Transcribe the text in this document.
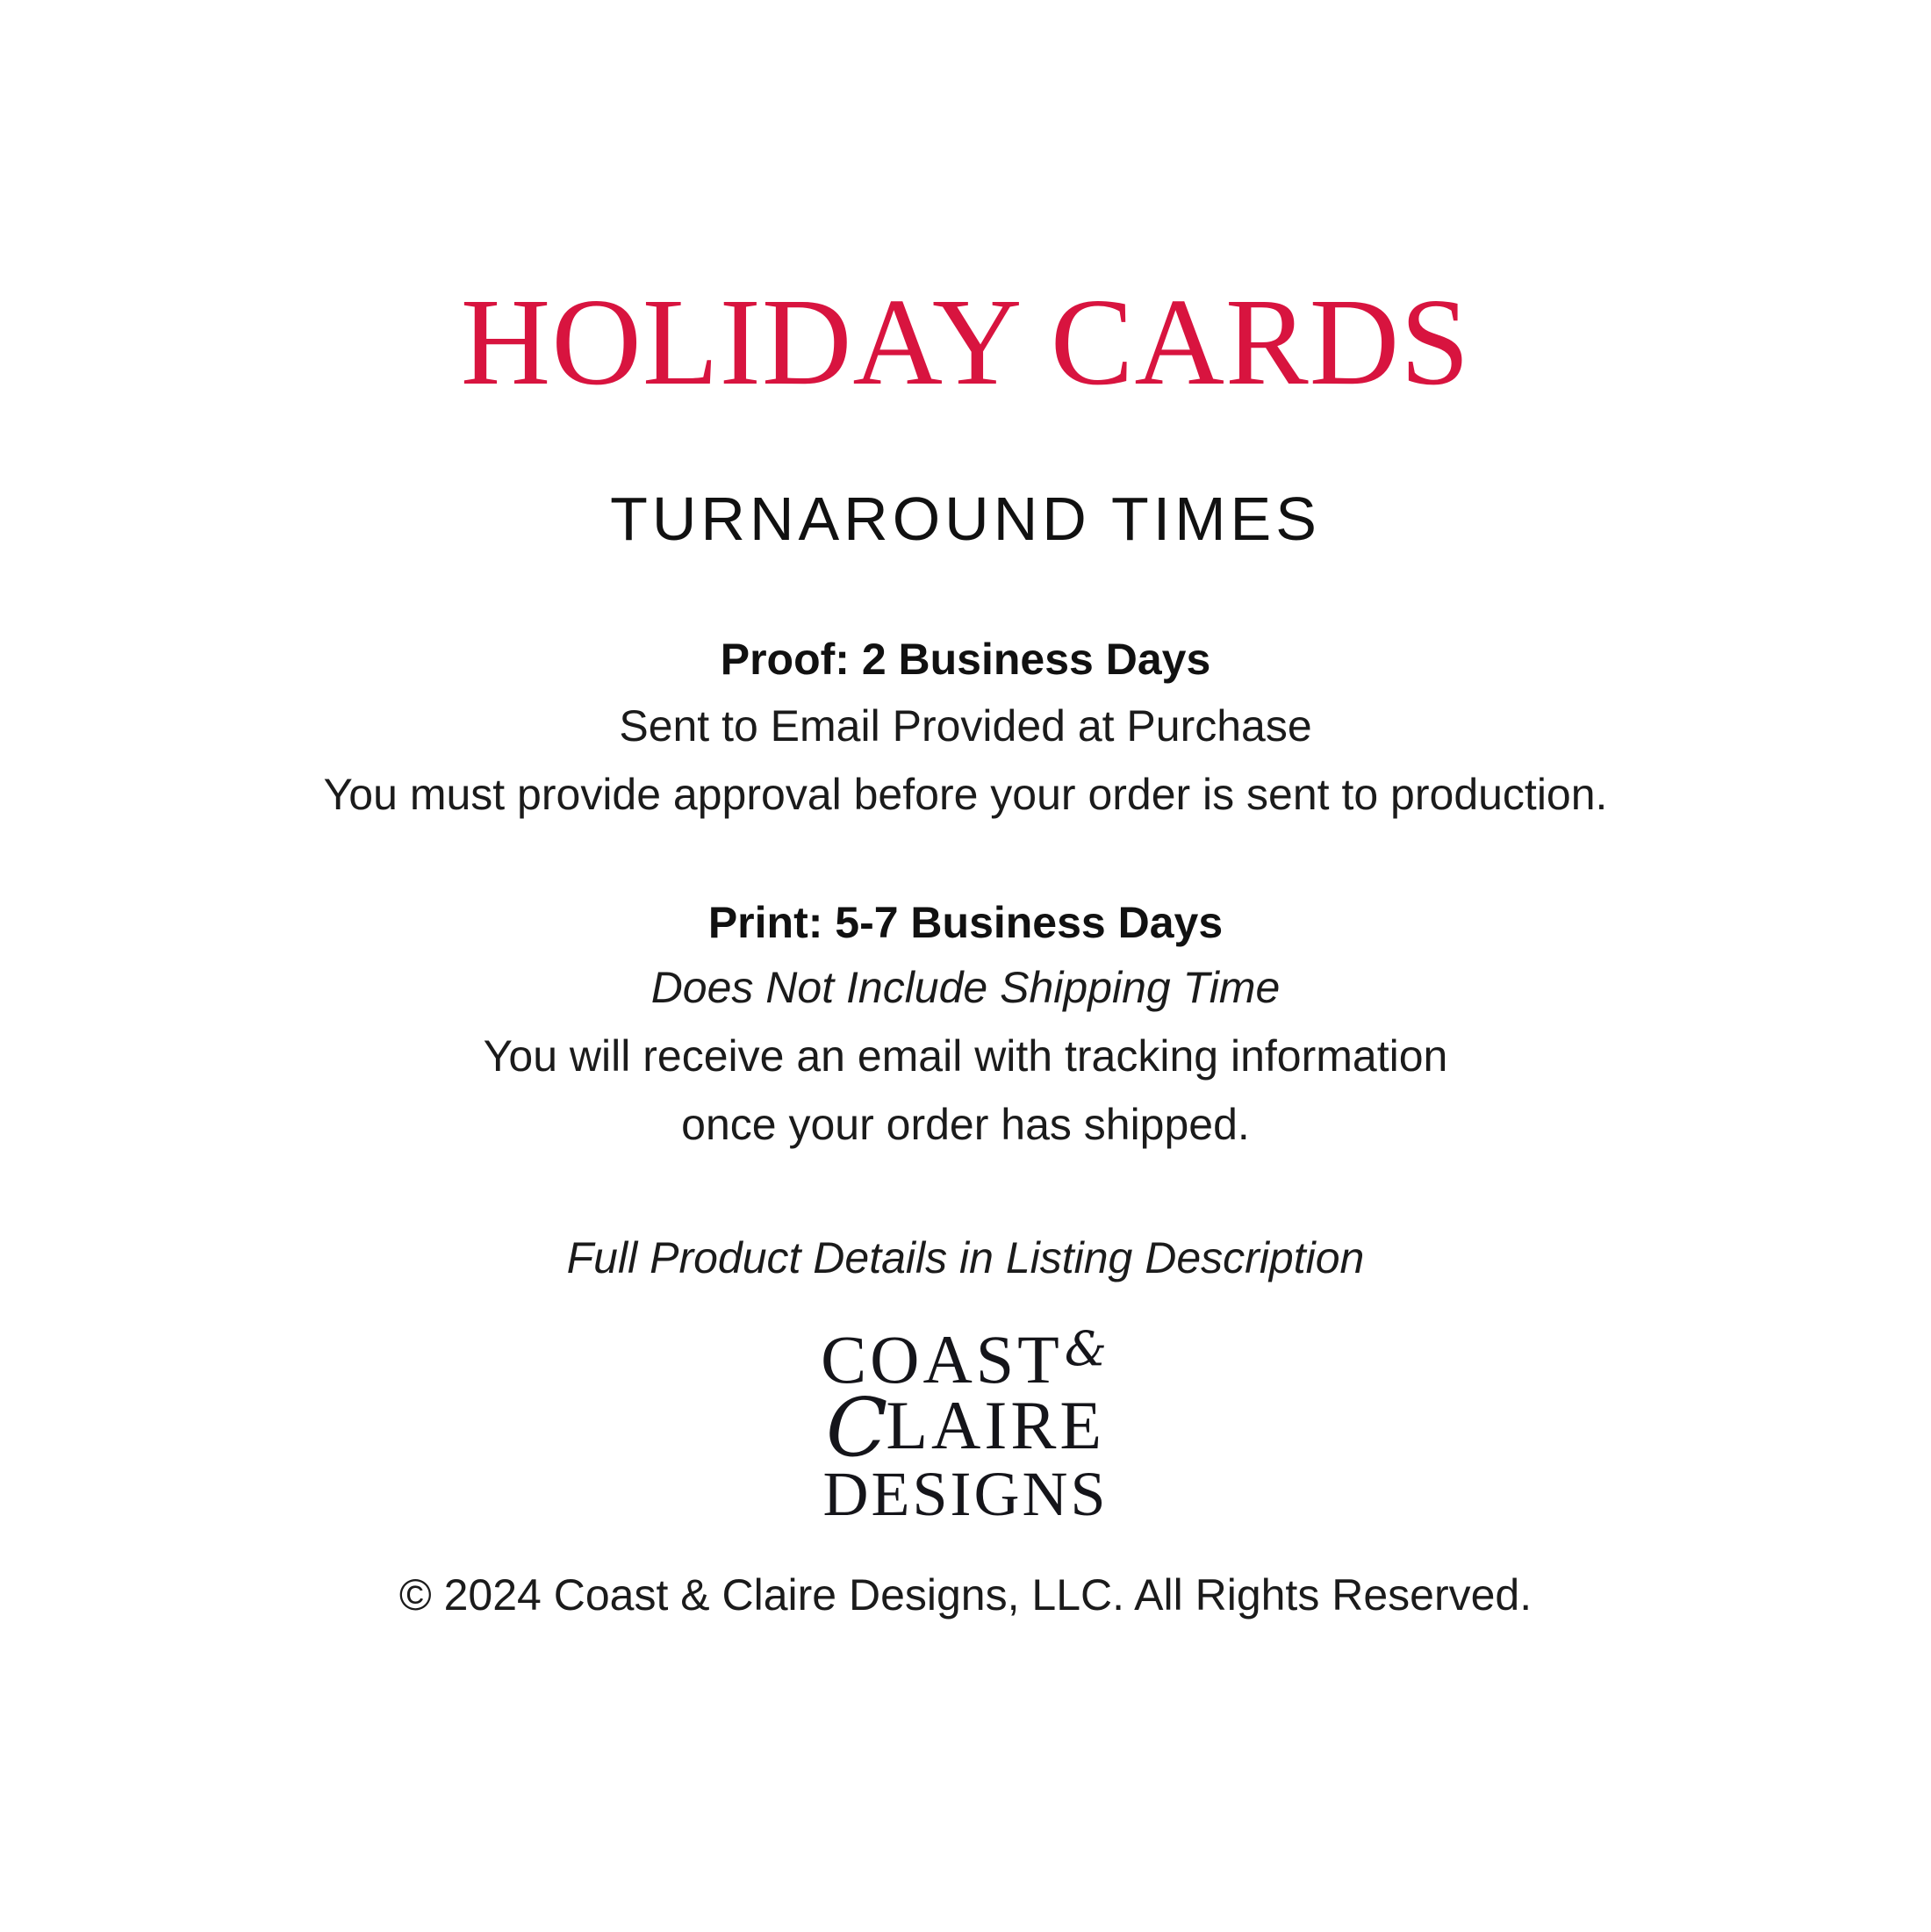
HOLIDAY CARDS
TURNAROUND TIMES
Proof: 2 Business Days
Sent to Email Provided at Purchase
You must provide approval before your order is sent to production.
Print: 5-7 Business Days
Does Not Include Shipping Time
You will receive an email with tracking information
once your order has shipped.
Full Product Details in Listing Description
COAST&
CLAIRE
DESIGNS
© 2024 Coast & Claire Designs, LLC. All Rights Reserved.
